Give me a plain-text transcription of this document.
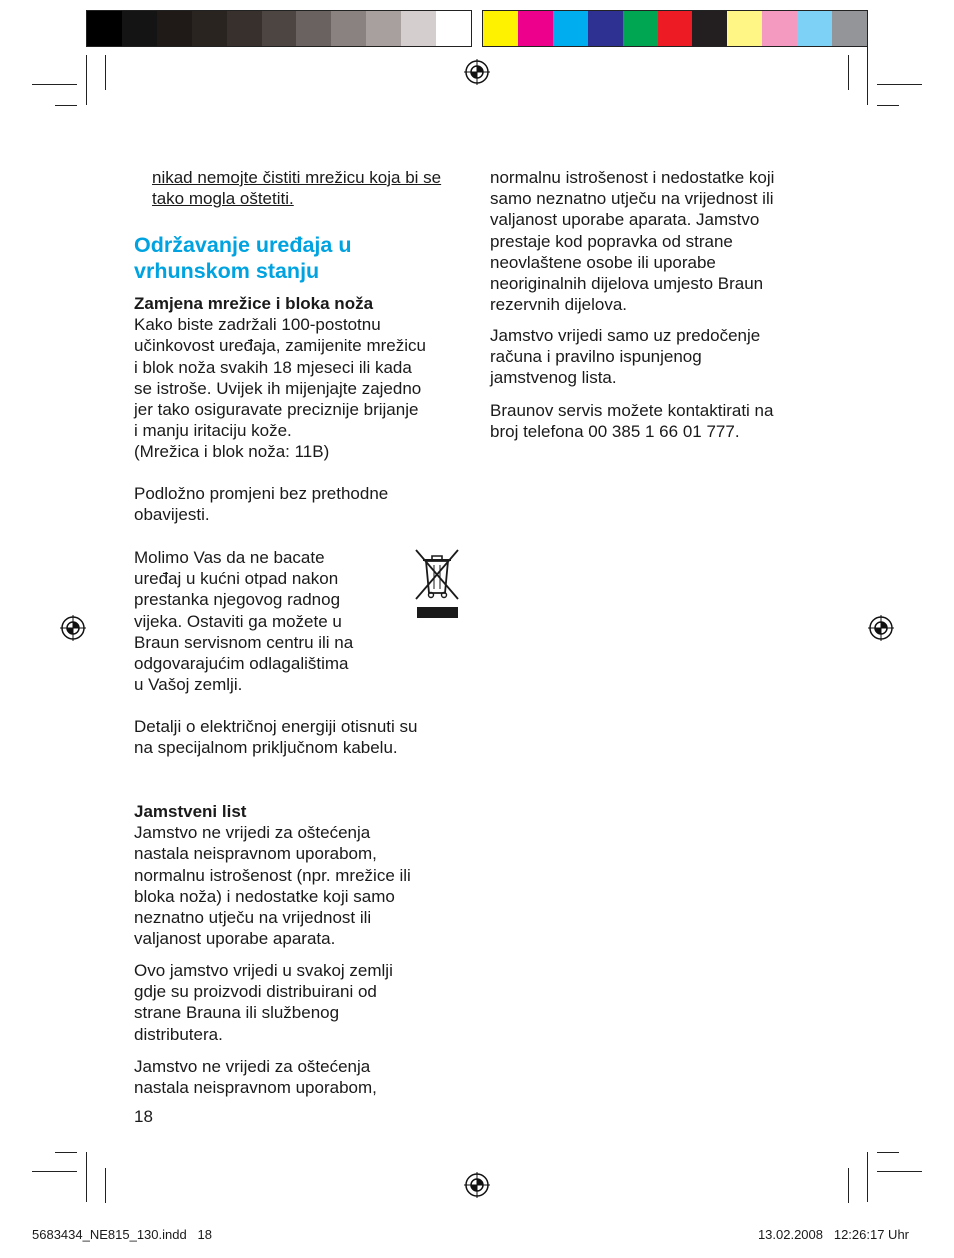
nikad nemojte čistiti mrežicu koja bi se tako mogla oštetiti.
Održavanje uređaja u
vrhunskom stanju
Zamjena mrežice i bloka noža
Kako biste zadržali 100-postotnu
učinkovost uređaja, zamijenite mrežicu
i blok noža svakih 18 mjeseci ili kada
se istroše. Uvijek ih mijenjajte zajedno
jer tako osiguravate preciznije brijanje
i manju iritaciju kože.
(Mrežica i blok noža: 11B)
Podložno promjeni bez prethodne
obavijesti.
Molimo Vas da ne bacate
uređaj u kućni otpad nakon
prestanka njegovog radnog
vijeka. Ostaviti ga možete u
Braun servisnom centru ili na
odgovarajućim odlagalištima
u Vašoj zemlji.
Detalji o električnoj energiji otisnuti su
na specijalnom priključnom kabelu.
Jamstveni list
Jamstvo ne vrijedi za oštećenja
nastala neispravnom uporabom,
normalnu istrošenost (npr. mrežice ili
bloka noža) i nedostatke koji samo
neznatno utječu na vrijednost ili
valjanost uporabe aparata.
Ovo jamstvo vrijedi u svakoj zemlji
gdje su proizvodi distribuirani od
strane Brauna ili službenog
distributera.
Jamstvo ne vrijedi za oštećenja
nastala neispravnom uporabom,
18
normalnu istrošenost i nedostatke koji
samo neznatno utječu na vrijednost ili
valjanost uporabe aparata. Jamstvo
prestaje kod popravka od strane
neovlaštene osobe ili uporabe
neoriginalnih dijelova umjesto Braun
rezervnih dijelova.
Jamstvo vrijedi samo uz predočenje
računa i pravilno ispunjenog
jamstvenog lista.
Braunov servis možete kontaktirati na
broj telefona 00 385 1 66 01 777.
5683434_NE815_130.indd   18	13.02.2008   12:26:17 Uhr
